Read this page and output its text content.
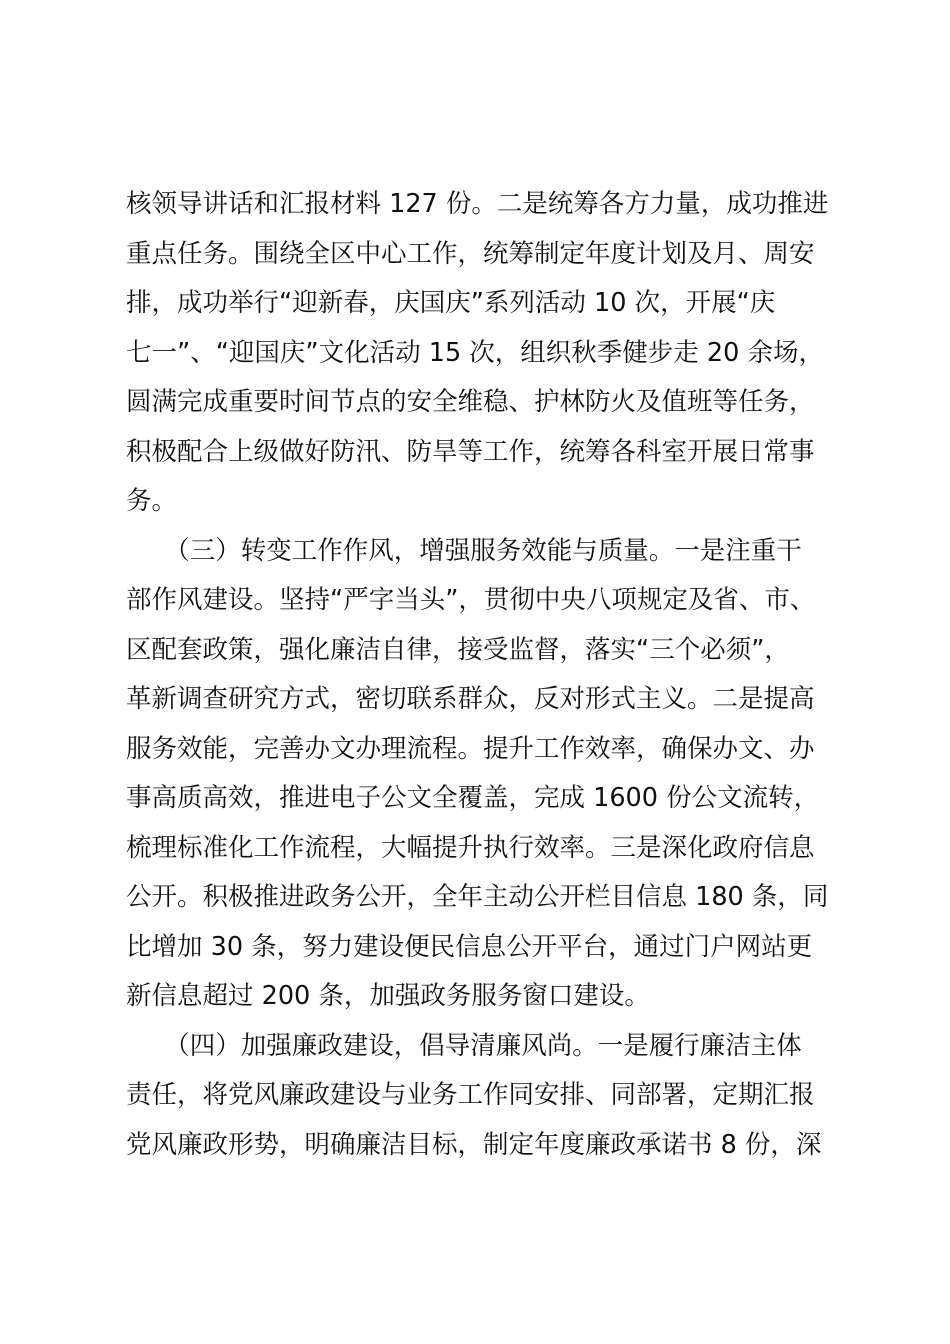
核领导讲话和汇报材料 127 份。二是统筹各方力量，成功推进
重点任务。围绕全区中心工作，统筹制定年度计划及月、周安
排，成功举行“迎新春，庆国庆”系列活动 10 次，开展“庆
七一”、“迎国庆”文化活动 15 次，组织秋季健步走 20 余场，
圆满完成重要时间节点的安全维稳、护林防火及值班等任务，
积极配合上级做好防汛、防旱等工作，统筹各科室开展日常事
务。
　　（三）转变工作作风，增强服务效能与质量。一是注重干
部作风建设。坚持“严字当头”，贯彻中央八项规定及省、市、
区配套政策，强化廉洁自律，接受监督，落实“三个必须”，
革新调查研究方式，密切联系群众，反对形式主义。二是提高
服务效能，完善办文办理流程。提升工作效率，确保办文、办
事高质高效，推进电子公文全覆盖，完成 1600 份公文流转，
梳理标准化工作流程，大幅提升执行效率。三是深化政府信息
公开。积极推进政务公开，全年主动公开栏目信息 180 条，同
比增加 30 条，努力建设便民信息公开平台，通过门户网站更
新信息超过 200 条，加强政务服务窗口建设。
　　（四）加强廉政建设，倡导清廉风尚。一是履行廉洁主体
责任，将党风廉政建设与业务工作同安排、同部署，定期汇报
党风廉政形势，明确廉洁目标，制定年度廉政承诺书 8 份，深
